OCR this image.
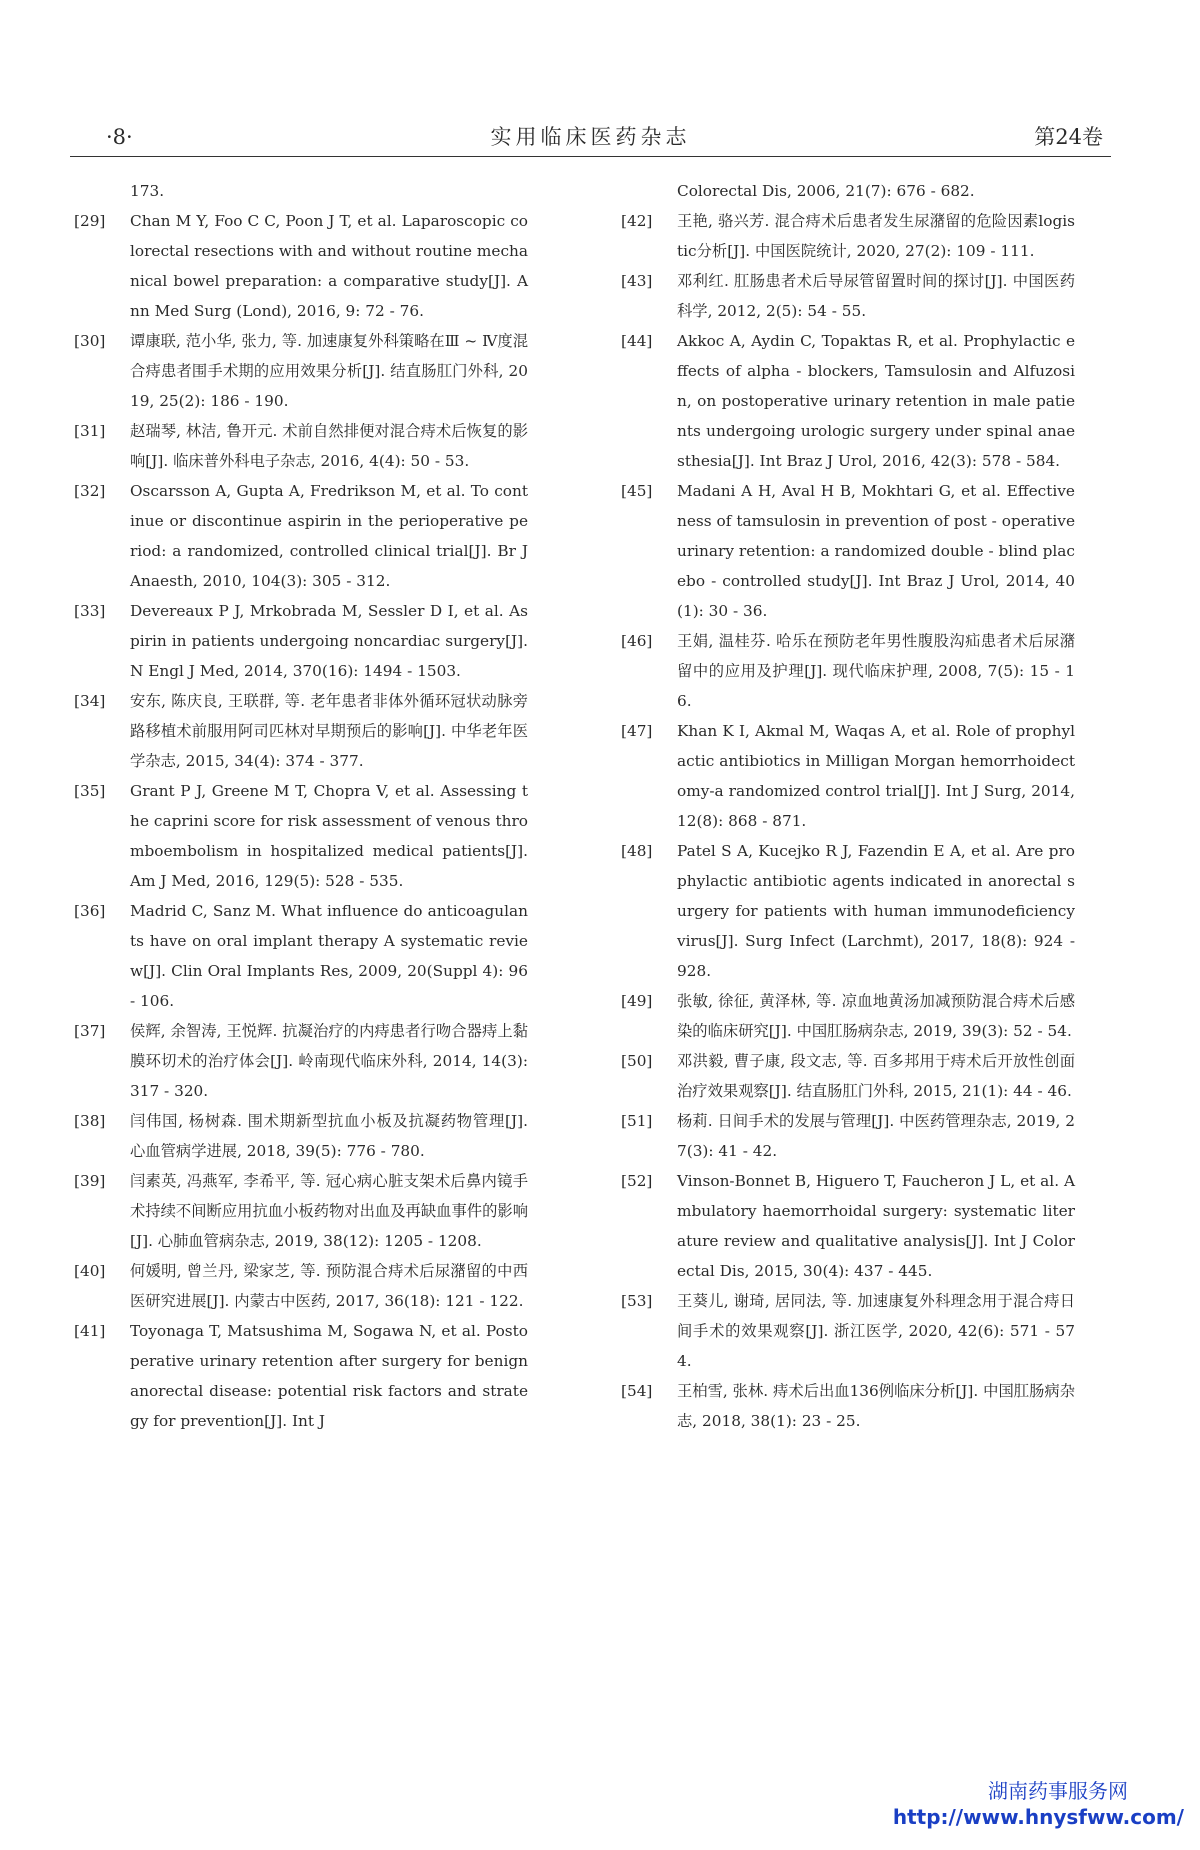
·8·	实用临床医药杂志	第24卷
173.
[29] Chan M Y, Foo C C, Poon J T, et al. Laparoscopic colorectal resections with and without routine mechanical bowel preparation: a comparative study[J]. Ann Med Surg (Lond), 2016, 9: 72 - 76.
[30] 谭康联, 范小华, 张力, 等. 加速康复外科策略在Ⅲ ~ Ⅳ度混合痔患者围手术期的应用效果分析[J]. 结直肠肛门外科, 2019, 25(2): 186 - 190.
[31] 赵瑞琴, 林洁, 鲁开元. 术前自然排便对混合痔术后恢复的影响[J]. 临床普外科电子杂志, 2016, 4(4): 50 - 53.
[32] Oscarsson A, Gupta A, Fredrikson M, et al. To continue or discontinue aspirin in the perioperative period: a randomized, controlled clinical trial[J]. Br J Anaesth, 2010, 104(3): 305 - 312.
[33] Devereaux P J, Mrkobrada M, Sessler D I, et al. Aspirin in patients undergoing noncardiac surgery[J]. N Engl J Med, 2014, 370(16): 1494 - 1503.
[34] 安东, 陈庆良, 王联群, 等. 老年患者非体外循环冠状动脉旁路移植术前服用阿司匹林对早期预后的影响[J]. 中华老年医学杂志, 2015, 34(4): 374 - 377.
[35] Grant P J, Greene M T, Chopra V, et al. Assessing the caprini score for risk assessment of venous thromboembolism in hospitalized medical patients[J]. Am J Med, 2016, 129(5): 528 - 535.
[36] Madrid C, Sanz M. What influence do anticoagulants have on oral implant therapy A systematic review[J]. Clin Oral Implants Res, 2009, 20(Suppl 4): 96 - 106.
[37] 侯辉, 余智涛, 王悦辉. 抗凝治疗的内痔患者行吻合器痔上黏膜环切术的治疗体会[J]. 岭南现代临床外科, 2014, 14(3): 317 - 320.
[38] 闫伟国, 杨树森. 围术期新型抗血小板及抗凝药物管理[J]. 心血管病学进展, 2018, 39(5): 776 - 780.
[39] 闫素英, 冯燕军, 李希平, 等. 冠心病心脏支架术后鼻内镜手术持续不间断应用抗血小板药物对出血及再缺血事件的影响[J]. 心肺血管病杂志, 2019, 38(12): 1205 - 1208.
[40] 何媛明, 曾兰丹, 梁家芝, 等. 预防混合痔术后尿潴留的中西医研究进展[J]. 内蒙古中医药, 2017, 36(18): 121 - 122.
[41] Toyonaga T, Matsushima M, Sogawa N, et al. Postoperative urinary retention after surgery for benign anorectal disease: potential risk factors and strategy for prevention[J]. Int J
Colorectal Dis, 2006, 21(7): 676 - 682.
[42] 王艳, 骆兴芳. 混合痔术后患者发生尿潴留的危险因素logistic分析[J]. 中国医院统计, 2020, 27(2): 109 - 111.
[43] 邓利红. 肛肠患者术后导尿管留置时间的探讨[J]. 中国医药科学, 2012, 2(5): 54 - 55.
[44] Akkoc A, Aydin C, Topaktas R, et al. Prophylactic effects of alpha - blockers, Tamsulosin and Alfuzosin, on postoperative urinary retention in male patients undergoing urologic surgery under spinal anaesthesia[J]. Int Braz J Urol, 2016, 42(3): 578 - 584.
[45] Madani A H, Aval H B, Mokhtari G, et al. Effectiveness of tamsulosin in prevention of post - operative urinary retention: a randomized double - blind placebo - controlled study[J]. Int Braz J Urol, 2014, 40(1): 30 - 36.
[46] 王娟, 温桂芬. 哈乐在预防老年男性腹股沟疝患者术后尿潴留中的应用及护理[J]. 现代临床护理, 2008, 7(5): 15 - 16.
[47] Khan K I, Akmal M, Waqas A, et al. Role of prophylactic antibiotics in Milligan Morgan hemorrhoidectomy-a randomized control trial[J]. Int J Surg, 2014, 12(8): 868 - 871.
[48] Patel S A, Kucejko R J, Fazendin E A, et al. Are prophylactic antibiotic agents indicated in anorectal surgery for patients with human immunodeficiency virus[J]. Surg Infect (Larchmt), 2017, 18(8): 924 - 928.
[49] 张敏, 徐征, 黄泽林, 等. 凉血地黄汤加减预防混合痔术后感染的临床研究[J]. 中国肛肠病杂志, 2019, 39(3): 52 - 54.
[50] 邓洪毅, 曹子康, 段文志, 等. 百多邦用于痔术后开放性创面治疗效果观察[J]. 结直肠肛门外科, 2015, 21(1): 44 - 46.
[51] 杨莉. 日间手术的发展与管理[J]. 中医药管理杂志, 2019, 27(3): 41 - 42.
[52] Vinson-Bonnet B, Higuero T, Faucheron J L, et al. Ambulatory haemorrhoidal surgery: systematic literature review and qualitative analysis[J]. Int J Colorectal Dis, 2015, 30(4): 437 - 445.
[53] 王葵儿, 谢琦, 居同法, 等. 加速康复外科理念用于混合痔日间手术的效果观察[J]. 浙江医学, 2020, 42(6): 571 - 574.
[54] 王柏雪, 张林. 痔术后出血136例临床分析[J]. 中国肛肠病杂志, 2018, 38(1): 23 - 25.
湖南药事服务网
http://www.hnysfww.com/
